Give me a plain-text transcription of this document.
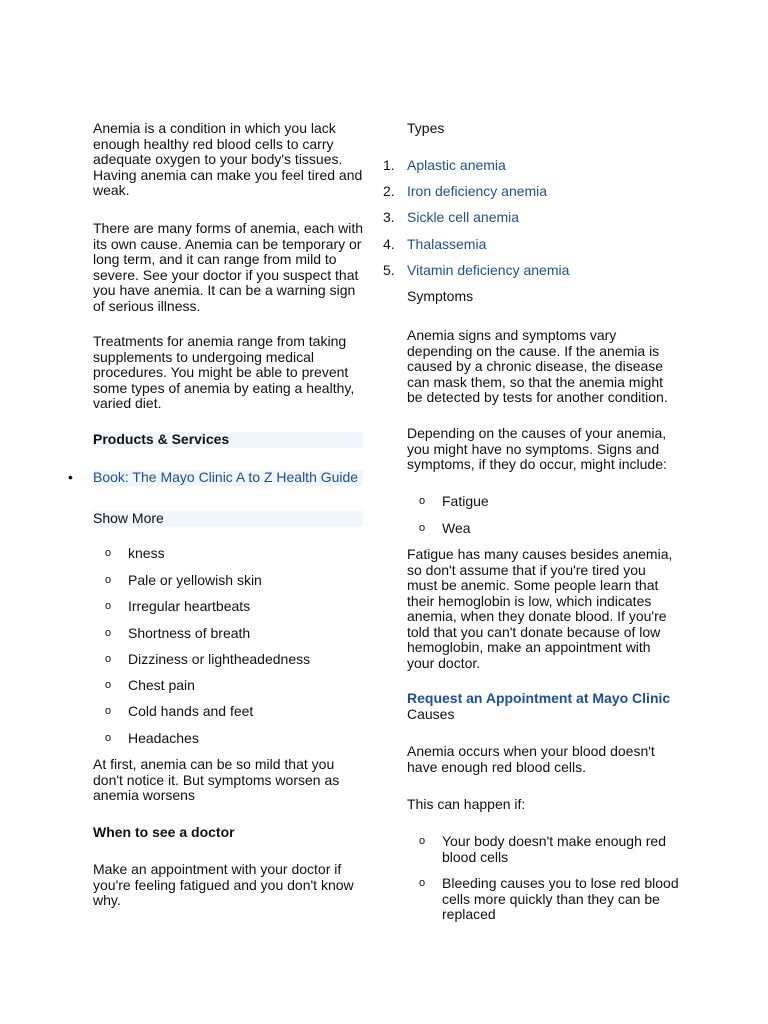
Anemia is a condition in which you lack enough healthy red blood cells to carry adequate oxygen to your body's tissues. Having anemia can make you feel tired and weak.

There are many forms of anemia, each with its own cause. Anemia can be temporary or long term, and it can range from mild to severe. See your doctor if you suspect that you have anemia. It can be a warning sign of serious illness.

Treatments for anemia range from taking supplements to undergoing medical procedures. You might be able to prevent some types of anemia by eating a healthy, varied diet.

Products & Services
• Book: The Mayo Clinic A to Z Health Guide
Show More
o kness
o Pale or yellowish skin
o Irregular heartbeats
o Shortness of breath
o Dizziness or lightheadedness
o Chest pain
o Cold hands and feet
o Headaches

At first, anemia can be so mild that you don't notice it. But symptoms worsen as anemia worsens

When to see a doctor

Make an appointment with your doctor if you're feeling fatigued and you don't know why.

Types
1. Aplastic anemia
2. Iron deficiency anemia
3. Sickle cell anemia
4. Thalassemia
5. Vitamin deficiency anemia
Symptoms

Anemia signs and symptoms vary depending on the cause. If the anemia is caused by a chronic disease, the disease can mask them, so that the anemia might be detected by tests for another condition.

Depending on the causes of your anemia, you might have no symptoms. Signs and symptoms, if they do occur, might include:

o Fatigue
o Wea

Fatigue has many causes besides anemia, so don't assume that if you're tired you must be anemic. Some people learn that their hemoglobin is low, which indicates anemia, when they donate blood. If you're told that you can't donate because of low hemoglobin, make an appointment with your doctor.

Request an Appointment at Mayo Clinic
Causes

Anemia occurs when your blood doesn't have enough red blood cells.

This can happen if:
o Your body doesn't make enough red blood cells
o Bleeding causes you to lose red blood cells more quickly than they can be replaced
